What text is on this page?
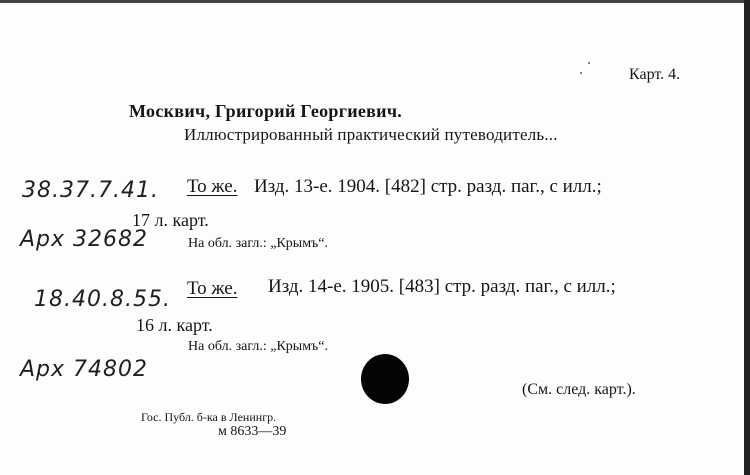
Карт. 4.
Москвич, Григорий Георгиевич.
Иллюстрированный практический путеводитель...
38.37.7.41. То же. Изд. 13-е. 1904. [482] стр. разд. паг., с илл.;
17 л. карт.
Арх 32682	На обл. загл.: „Крымъ“.
18.40.8.55. То же. Изд. 14-е. 1905. [483] стр. разд. паг., с илл.;
16 л. карт.
На обл. загл.: „Крымъ“.
Арх 74802
(См. след. карт.).
Гос. Публ. б-ка в Ленингр.
м 8633—39
